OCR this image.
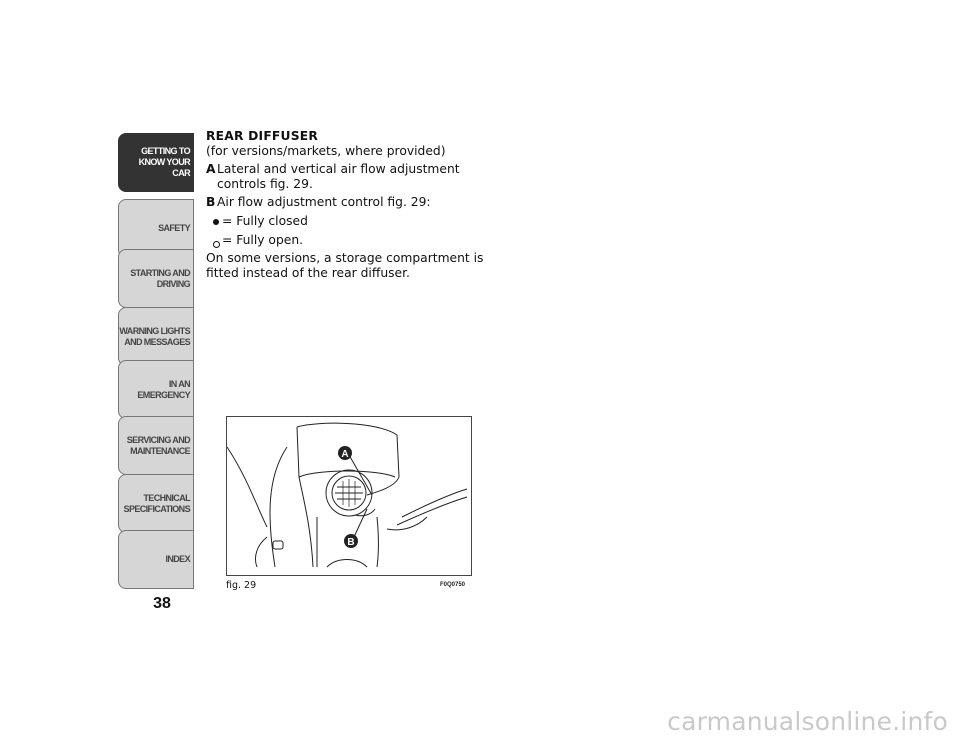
GETTING TO
KNOW YOUR CAR
SAFETY
STARTING AND
DRIVING
WARNING LIGHTS
AND MESSAGES
IN AN EMERGENCY
SERVICING AND
MAINTENANCE
TECHNICAL
SPECIFICATIONS
INDEX
38
REAR DIFFUSER
(for versions/markets, where provided)
A Lateral and vertical air flow adjustment controls fig. 29.
B Air flow adjustment control fig. 29:
= Fully closed
= Fully open.
On some versions, a storage compartment is fitted instead of the rear diffuser.
A
B
fig. 29	F0Q0750
carmanualsonline.info
